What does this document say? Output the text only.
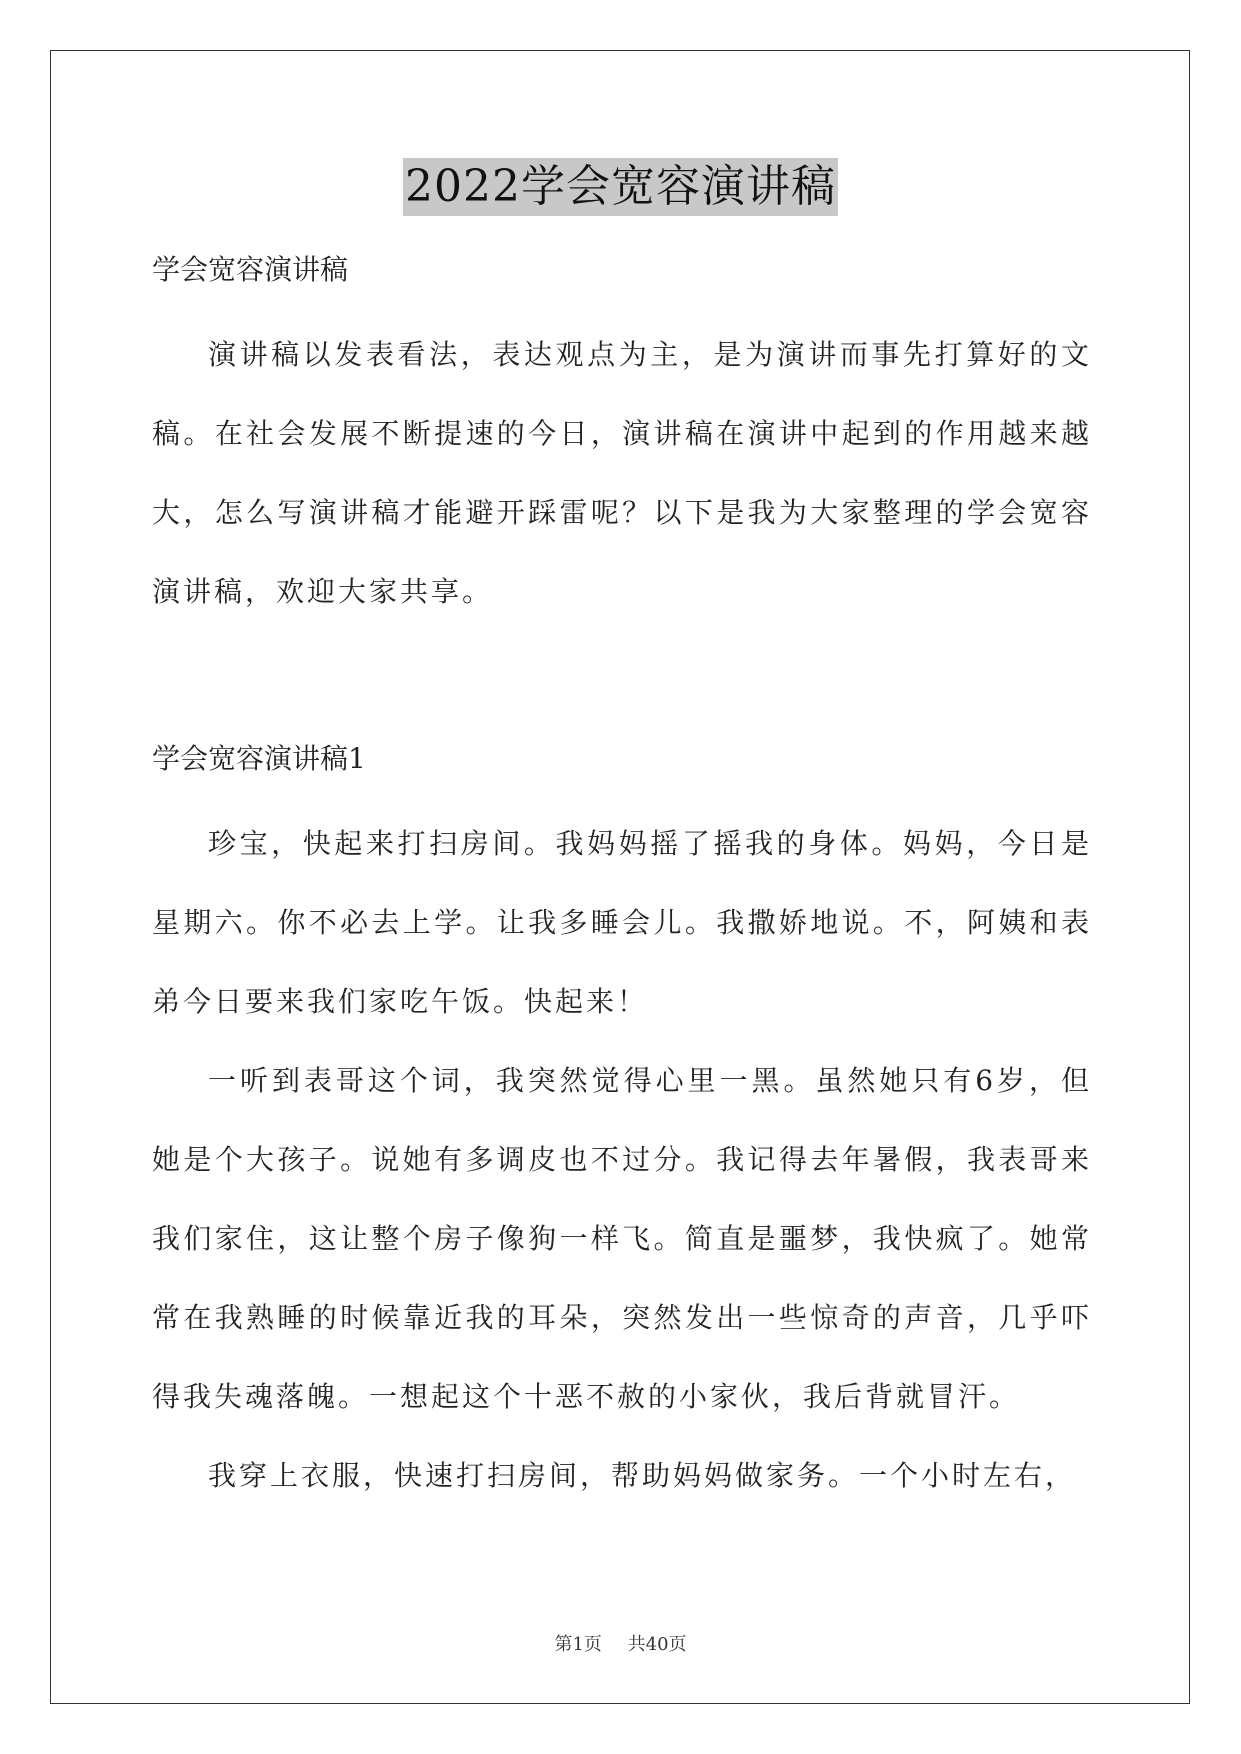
2022学会宽容演讲稿

学会宽容演讲稿

演讲稿以发表看法，表达观点为主，是为演讲而事先打算好的文稿。在社会发展不断提速的今日，演讲稿在演讲中起到的作用越来越大，怎么写演讲稿才能避开踩雷呢？以下是我为大家整理的学会宽容演讲稿，欢迎大家共享。

学会宽容演讲稿1

珍宝，快起来打扫房间。我妈妈摇了摇我的身体。妈妈，今日是星期六。你不必去上学。让我多睡会儿。我撒娇地说。不，阿姨和表弟今日要来我们家吃午饭。快起来！

一听到表哥这个词，我突然觉得心里一黑。虽然她只有6岁，但她是个大孩子。说她有多调皮也不过分。我记得去年暑假，我表哥来我们家住，这让整个房子像狗一样飞。简直是噩梦，我快疯了。她常常在我熟睡的时候靠近我的耳朵，突然发出一些惊奇的声音，几乎吓得我失魂落魄。一想起这个十恶不赦的小家伙，我后背就冒汗。

我穿上衣服，快速打扫房间，帮助妈妈做家务。一个小时左右，

第1页 共40页
